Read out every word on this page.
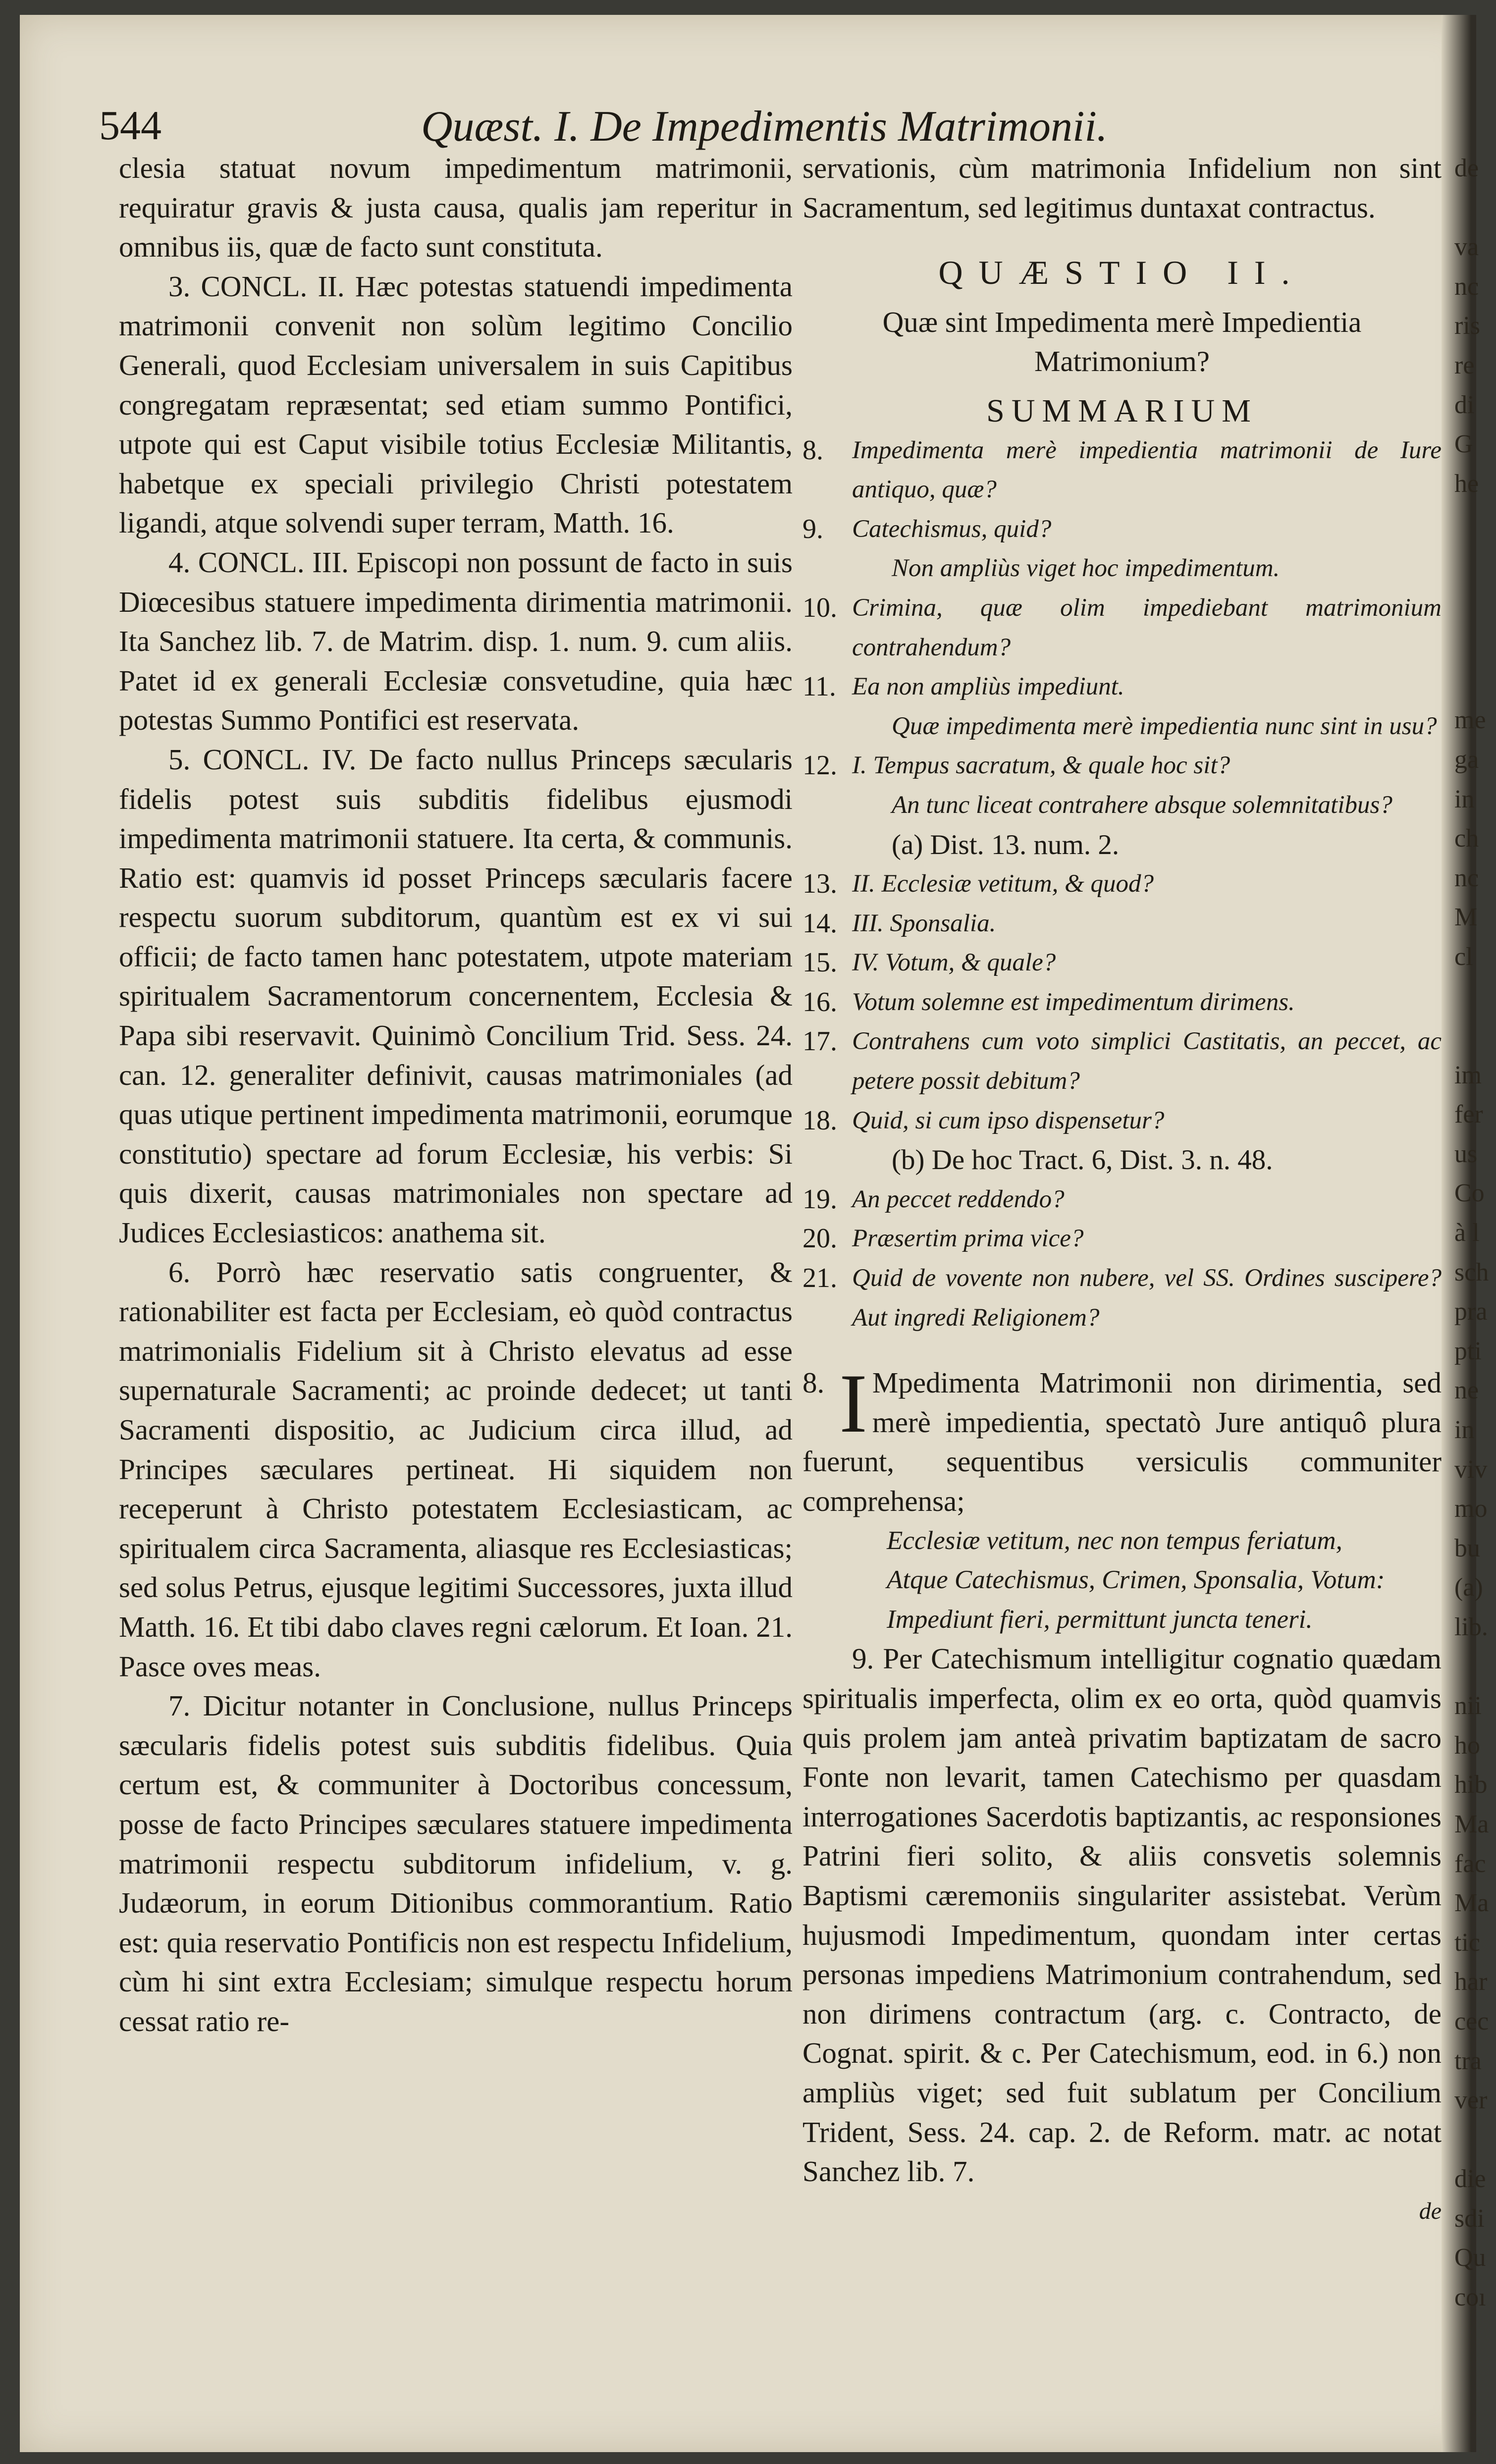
544	Quæst. I. De Impedimentis Matrimonii.

clesia statuat novum impedimentum matrimonii, requiratur gravis & justa causa, qualis jam reperitur in omnibus iis, quæ de facto sunt constituta.

3. CONCL. II. Hæc potestas statuendi impedimenta matrimonii convenit non solùm legitimo Concilio Generali, quod Ecclesiam universalem in suis Capitibus congregatam repræsentat; sed etiam summo Pontifici, utpote qui est Caput visibile totius Ecclesiæ Militantis, habetque ex speciali privilegio Christi potestatem ligandi, atque solvendi super terram, Matth. 16.

4. CONCL. III. Episcopi non possunt de facto in suis Diœcesibus statuere impedimenta dirimentia matrimonii. Ita Sanchez lib. 7. de Matrim. disp. 1. num. 9. cum aliis. Patet id ex generali Ecclesiæ consvetudine, quia hæc potestas Summo Pontifici est reservata.

5. CONCL. IV. De facto nullus Princeps sæcularis fidelis potest suis subditis fidelibus ejusmodi impedimenta matrimonii statuere. Ita certa, & communis. Ratio est: quamvis id posset Princeps sæcularis facere respectu suorum subditorum, quantùm est ex vi sui officii; de facto tamen hanc potestatem, utpote materiam spiritualem Sacramentorum concernentem, Ecclesia & Papa sibi reservavit. Quinimò Concilium Trid. Sess. 24. can. 12. generaliter definivit, causas matrimoniales (ad quas utique pertinent impedimenta matrimonii, eorumque constitutio) spectare ad forum Ecclesiæ, his verbis: Si quis dixerit, causas matrimoniales non spectare ad Judices Ecclesiasticos: anathema sit.

6. Porrò hæc reservatio satis congruenter, & rationabiliter est facta per Ecclesiam, eò quòd contractus matrimonialis Fidelium sit à Christo elevatus ad esse supernaturale Sacramenti; ac proinde dedecet; ut tanti Sacramenti dispositio, ac Judicium circa illud, ad Principes sæculares pertineat. Hi siquidem non receperunt à Christo potestatem Ecclesiasticam, ac spiritualem circa Sacramenta, aliasque res Ecclesiasticas; sed solus Petrus, ejusque legitimi Successores, juxta illud Matth. 16. Et tibi dabo claves regni cælorum. Et Ioan. 21. Pasce oves meas.

7. Dicitur notanter in Conclusione, nullus Princeps sæcularis fidelis potest suis subditis fidelibus. Quia certum est, & communiter à Doctoribus concessum, posse de facto Principes sæculares statuere impedimenta matrimonii respectu subditorum infidelium, v. g. Judæorum, in eorum Ditionibus commorantium. Ratio est: quia reservatio Pontificis non est respectu Infidelium, cùm hi sint extra Ecclesiam; simulque respectu horum cessat ratio re-

servationis, cùm matrimonia Infidelium non sint Sacramentum, sed legitimus duntaxat contractus.

QUÆSTIO II.

Quæ sint Impedimenta merè Impedientia Matrimonium?

SUMMARIUM

8.	Impedimenta merè impedientia matrimonii de Iure antiquo, quæ?
9.	Catechismus, quid?
Non ampliùs viget hoc impedimentum.
10. Crimina, quæ olim impediebant matrimonium contrahendum?
11. Ea non ampliùs impediunt.
Quæ impedimenta merè impedientia nunc sint in usu?
12. I. Tempus sacratum, & quale hoc sit?
An tunc liceat contrahere absque solemnitatibus?
(a) Dist. 13. num. 2.
13. II. Ecclesiæ vetitum, & quod?
14. III. Sponsalia.
15. IV. Votum, & quale?
16. Votum solemne est impedimentum dirimens.
17. Contrahens cum voto simplici Castitatis, an peccet, ac petere possit debitum?
18. Quid, si cum ipso dispensetur?
(b) De hoc Tract. 6, Dist. 3. n. 48.
19. An peccet reddendo?
20. Præsertim prima vice?
21. Quid de vovente non nubere, vel SS. Ordines suscipere? Aut ingredi Religionem?

8. I Mpedimenta Matrimonii non dirimentia, sed merè impedientia, spectatò Jure antiquô plura fuerunt, sequentibus versiculis communiter comprehensa;

Ecclesiæ vetitum, nec non tempus feriatum,

Atque Catechismus, Crimen, Sponsalia, Votum:

Impediunt fieri, permittunt juncta teneri.

9. Per Catechismum intelligitur cognatio quædam spiritualis imperfecta, olim ex eo orta, quòd quamvis quis prolem jam anteà privatim baptizatam de sacro Fonte non levarit, tamen Catechismo per quasdam interrogationes Sacerdotis baptizantis, ac responsiones Patrini fieri solito, & aliis consvetis solemnis Baptismi cæremoniis singulariter assistebat. Verùm hujusmodi Impedimentum, quondam inter certas personas impediens Matrimonium contrahendum, sed non dirimens contractum (arg. c. Contracto, de Cognat. spirit. & c. Per Catechismum, eod. in 6.) non ampliùs viget; sed fuit sublatum per Concilium Trident, Sess. 24. cap. 2. de Reform. matr. ac notat Sanchez lib. 7.

de

de
va
nc
ris
re
di
G
he
me
ga
in
ch
nc
M
cl
im
fer
us
Co
à l
sch
pra
pti
ne
in
viv
mo
bu
(a)
lib.
nii
ho
hib
Ma
fac
Ma
tic
har
cec
tra
ver
die
sdi
Qu
coı
